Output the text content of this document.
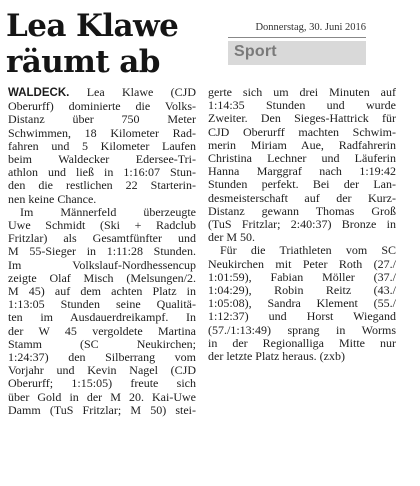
Lea Klawe räumt ab
Donnerstag, 30. Juni 2016
Sport

WALDECK. Lea Klawe (CJD
Oberurff) dominierte die Volks-
Distanz über 750 Meter
Schwimmen, 18 Kilometer Rad-
fahren und 5 Kilometer Laufen
beim Waldecker Edersee-Tri-
athlon und ließ in 1:16:07 Stun-
den die restlichen 22 Starterin-
nen keine Chance.

Im Männerfeld überzeugte
Uwe Schmidt (Ski + Radclub
Fritzlar) als Gesamtfünfter und
M 55-Sieger in 1:11:28 Stunden.
Im Volkslauf-Nordhessencup
zeigte Olaf Misch (Melsungen/2.
M 45) auf dem achten Platz in
1:13:05 Stunden seine Qualitä-
ten im Ausdauerdreikampf. In
der W 45 vergoldete Martina
Stamm (SC Neukirchen;
1:24:37) den Silberrang vom
Vorjahr und Kevin Nagel (CJD
Oberurff; 1:15:05) freute sich
über Gold in der M 20. Kai-Uwe
Damm (TuS Fritzlar; M 50) stei-

gerte sich um drei Minuten auf
1:14:35 Stunden und wurde
Zweiter. Den Sieges-Hattrick für
CJD Oberurff machten Schwim-
merin Miriam Aue, Radfahrerin
Christina Lechner und Läuferin
Hanna Marggraf nach 1:19:42
Stunden perfekt. Bei der Lan-
desmeisterschaft auf der Kurz-
Distanz gewann Thomas Groß
(TuS Fritzlar; 2:40:37) Bronze in
der M 50.

Für die Triathleten vom SC
Neukirchen mit Peter Roth (27./
1:01:59), Fabian Möller (37./
1:04:29), Robin Reitz (43./
1:05:08), Sandra Klement (55./
1:12:37) und Horst Wiegand
(57./1:13:49) sprang in Worms
in der Regionalliga Mitte nur
der letzte Platz heraus. (zxb)
